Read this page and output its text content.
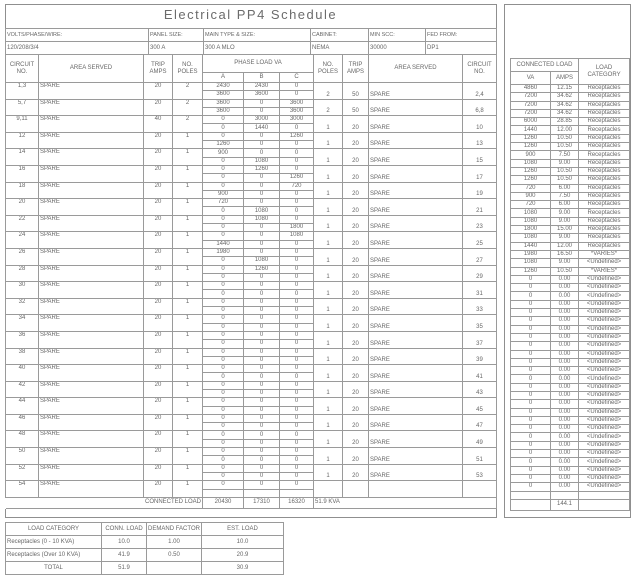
Electrical PP4 Schedule
VOLTS/PHASE/WIRE:	PANEL SIZE:	MAIN TYPE & SIZE:	CABINET:	MIN SCC:	FED FROM:
120/208/3/4	300 A	300 A MLO	NEMA	30000	DP1
CIRCUIT NO.	AREA SERVED	TRIP AMPS	NO. POLES	PHASE LOAD VA			NO. POLES	TRIP AMPS	AREA SERVED	CIRCUIT NO.
				A	B	C				
1,3	SPARE	20	2	2430	2430	0	2	50	SPARE	2,4
				3600	3600	0				
5,7	SPARE	20	2	3600	0	3600	2	50	SPARE	6,8
				3600	0	3600				
9,11	SPARE	40	2	0	3000	3000	1	20	SPARE	10
				0	1440	0				
12	SPARE	20	1	0	0	1260	1	20	SPARE	13
				1260	0	0				
14	SPARE	20	1	900	0	0	1	20	SPARE	15
				0	1080	0				
16	SPARE	20	1	0	1260	0	1	20	SPARE	17
				0	0	1260				
18	SPARE	20	1	0	0	720	1	20	SPARE	19
				900	0	0				
20	SPARE	20	1	720	0	0	1	20	SPARE	21
				0	1080	0				
22	SPARE	20	1	0	1080	0	1	20	SPARE	23
				0	0	1800				
24	SPARE	20	1	0	0	1080	1	20	SPARE	25
				1440	0	0				
26	SPARE	20	1	1980	0	0	1	20	SPARE	27
				0	1080	0				
28	SPARE	20	1	0	1260	0	1	20	SPARE	29
				0	0	0				
30	SPARE	20	1	0	0	0	1	20	SPARE	31
				0	0	0				
32	SPARE	20	1	0	0	0	1	20	SPARE	33
				0	0	0				
34	SPARE	20	1	0	0	0	1	20	SPARE	35
				0	0	0				
36	SPARE	20	1	0	0	0	1	20	SPARE	37
				0	0	0				
38	SPARE	20	1	0	0	0	1	20	SPARE	39
				0	0	0				
40	SPARE	20	1	0	0	0	1	20	SPARE	41
				0	0	0				
42	SPARE	20	1	0	0	0	1	20	SPARE	43
				0	0	0				
44	SPARE	20	1	0	0	0	1	20	SPARE	45
				0	0	0				
46	SPARE	20	1	0	0	0	1	20	SPARE	47
				0	0	0				
48	SPARE	20	1	0	0	0	1	20	SPARE	49
				0	0	0				
50	SPARE	20	1	0	0	0	1	20	SPARE	51
				0	0	0				
52	SPARE	20	1	0	0	0	1	20	SPARE	53
				0	0	0				
54	SPARE	20	1	0	0	0				

CONNECTED LOAD				20430	17310	16320	51.9 KVA			
CONNECTED LOAD		LOAD CATEGORY
VA	AMPS	
4860	12.15	Receptacles
7200	34.62	Receptacles
7200	34.62	Receptacles
7200	34.62	Receptacles
6000	28.85	Receptacles
1440	12.00	Receptacles
1260	10.50	Receptacles
1260	10.50	Receptacles
900	7.50	Receptacles
1080	9.00	Receptacles
1260	10.50	Receptacles
1260	10.50	Receptacles
720	6.00	Receptacles
900	7.50	Receptacles
720	6.00	Receptacles
1080	9.00	Receptacles
1080	9.00	Receptacles
1800	15.00	Receptacles
1080	9.00	Receptacles
1440	12.00	Receptacles
1980	16.50	*VARIES*
1080	9.00	<Undefined>
1260	10.50	*VARIES*
0	0.00	<Undefined>
0	0.00	<Undefined>
0	0.00	<Undefined>
0	0.00	<Undefined>
0	0.00	<Undefined>
0	0.00	<Undefined>
0	0.00	<Undefined>
0	0.00	<Undefined>
0	0.00	<Undefined>
0	0.00	<Undefined>
0	0.00	<Undefined>
0	0.00	<Undefined>
0	0.00	<Undefined>
0	0.00	<Undefined>
0	0.00	<Undefined>
0	0.00	<Undefined>
0	0.00	<Undefined>
0	0.00	<Undefined>
0	0.00	<Undefined>
0	0.00	<Undefined>
0	0.00	<Undefined>
0	0.00	<Undefined>
0	0.00	<Undefined>
0	0.00	<Undefined>
0	0.00	<Undefined>
0	0.00	<Undefined>

	144.1	
LOAD CATEGORY	CONN. LOAD	DEMAND FACTOR	EST. LOAD
Receptacles (0 - 10 KVA)	10.0	1.00	10.0
Receptacles (Over 10 KVA)	41.9	0.50	20.9
TOTAL	51.9		30.9
